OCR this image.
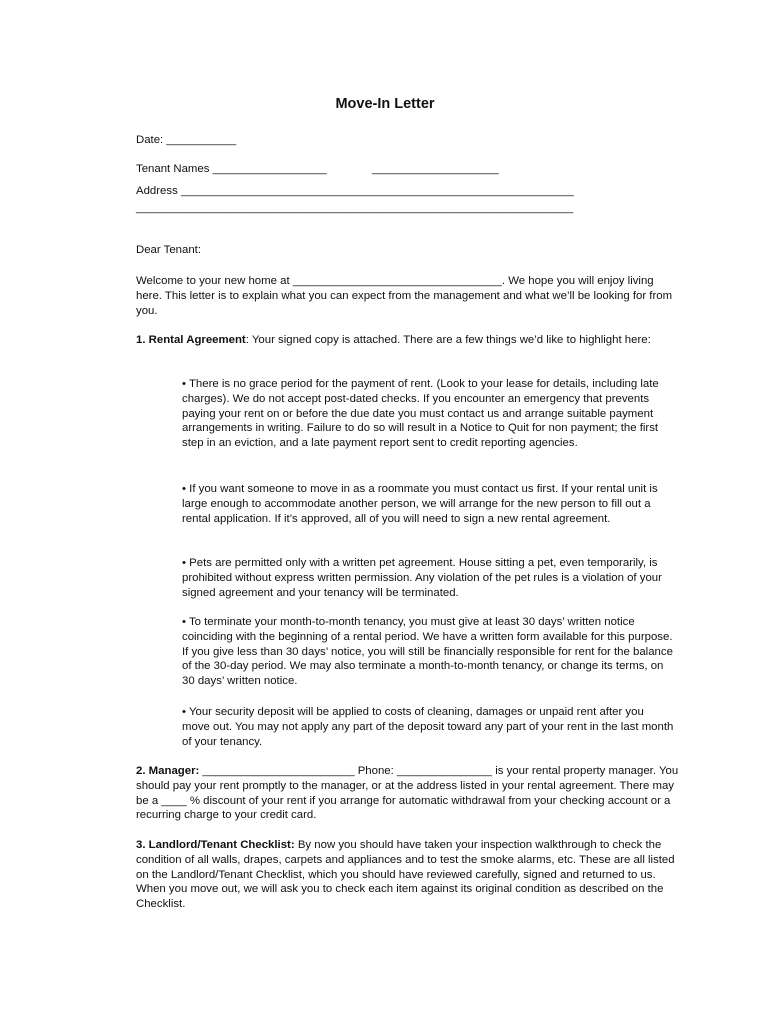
Move-In Letter
Date: ___________
Tenant Names __________________	____________________
Address ______________________________________________________________
_____________________________________________________________________
Dear Tenant:
Welcome to your new home at _________________________________. We hope you will enjoy living here. This letter is to explain what you can expect from the management and what we’ll be looking for from you.
1. Rental Agreement: Your signed copy is attached. There are a few things we’d like to highlight here:
• There is no grace period for the payment of rent. (Look to your lease for details, including late charges). We do not accept post-dated checks. If you encounter an emergency that prevents paying your rent on or before the due date you must contact us and arrange suitable payment arrangements in writing. Failure to do so will result in a Notice to Quit for non payment; the first step in an eviction, and a late payment report sent to credit reporting agencies.
• If you want someone to move in as a roommate you must contact us first. If your rental unit is large enough to accommodate another person, we will arrange for the new person to fill out a rental application. If it’s approved, all of you will need to sign a new rental agreement.
• Pets are permitted only with a written pet agreement. House sitting a pet, even temporarily, is prohibited without express written permission. Any violation of the pet rules is a violation of your signed agreement and your tenancy will be terminated.
• To terminate your month-to-month tenancy, you must give at least 30 days’ written notice coinciding with the beginning of a rental period. We have a written form available for this purpose. If you give less than 30 days’ notice, you will still be financially responsible for rent for the balance of the 30-day period. We may also terminate a month-to-month tenancy, or change its terms, on 30 days’ written notice.
• Your security deposit will be applied to costs of cleaning, damages or unpaid rent after you move out. You may not apply any part of the deposit toward any part of your rent in the last month of your tenancy.
2. Manager: ________________________ Phone: _______________ is your rental property manager. You should pay your rent promptly to the manager, or at the address listed in your rental agreement. There may be a ____ % discount of your rent if you arrange for automatic withdrawal from your checking account or a recurring charge to your credit card.
3. Landlord/Tenant Checklist: By now you should have taken your inspection walkthrough to check the condition of all walls, drapes, carpets and appliances and to test the smoke alarms, etc. These are all listed on the Landlord/Tenant Checklist, which you should have reviewed carefully, signed and returned to us. When you move out, we will ask you to check each item against its original condition as described on the Checklist.
